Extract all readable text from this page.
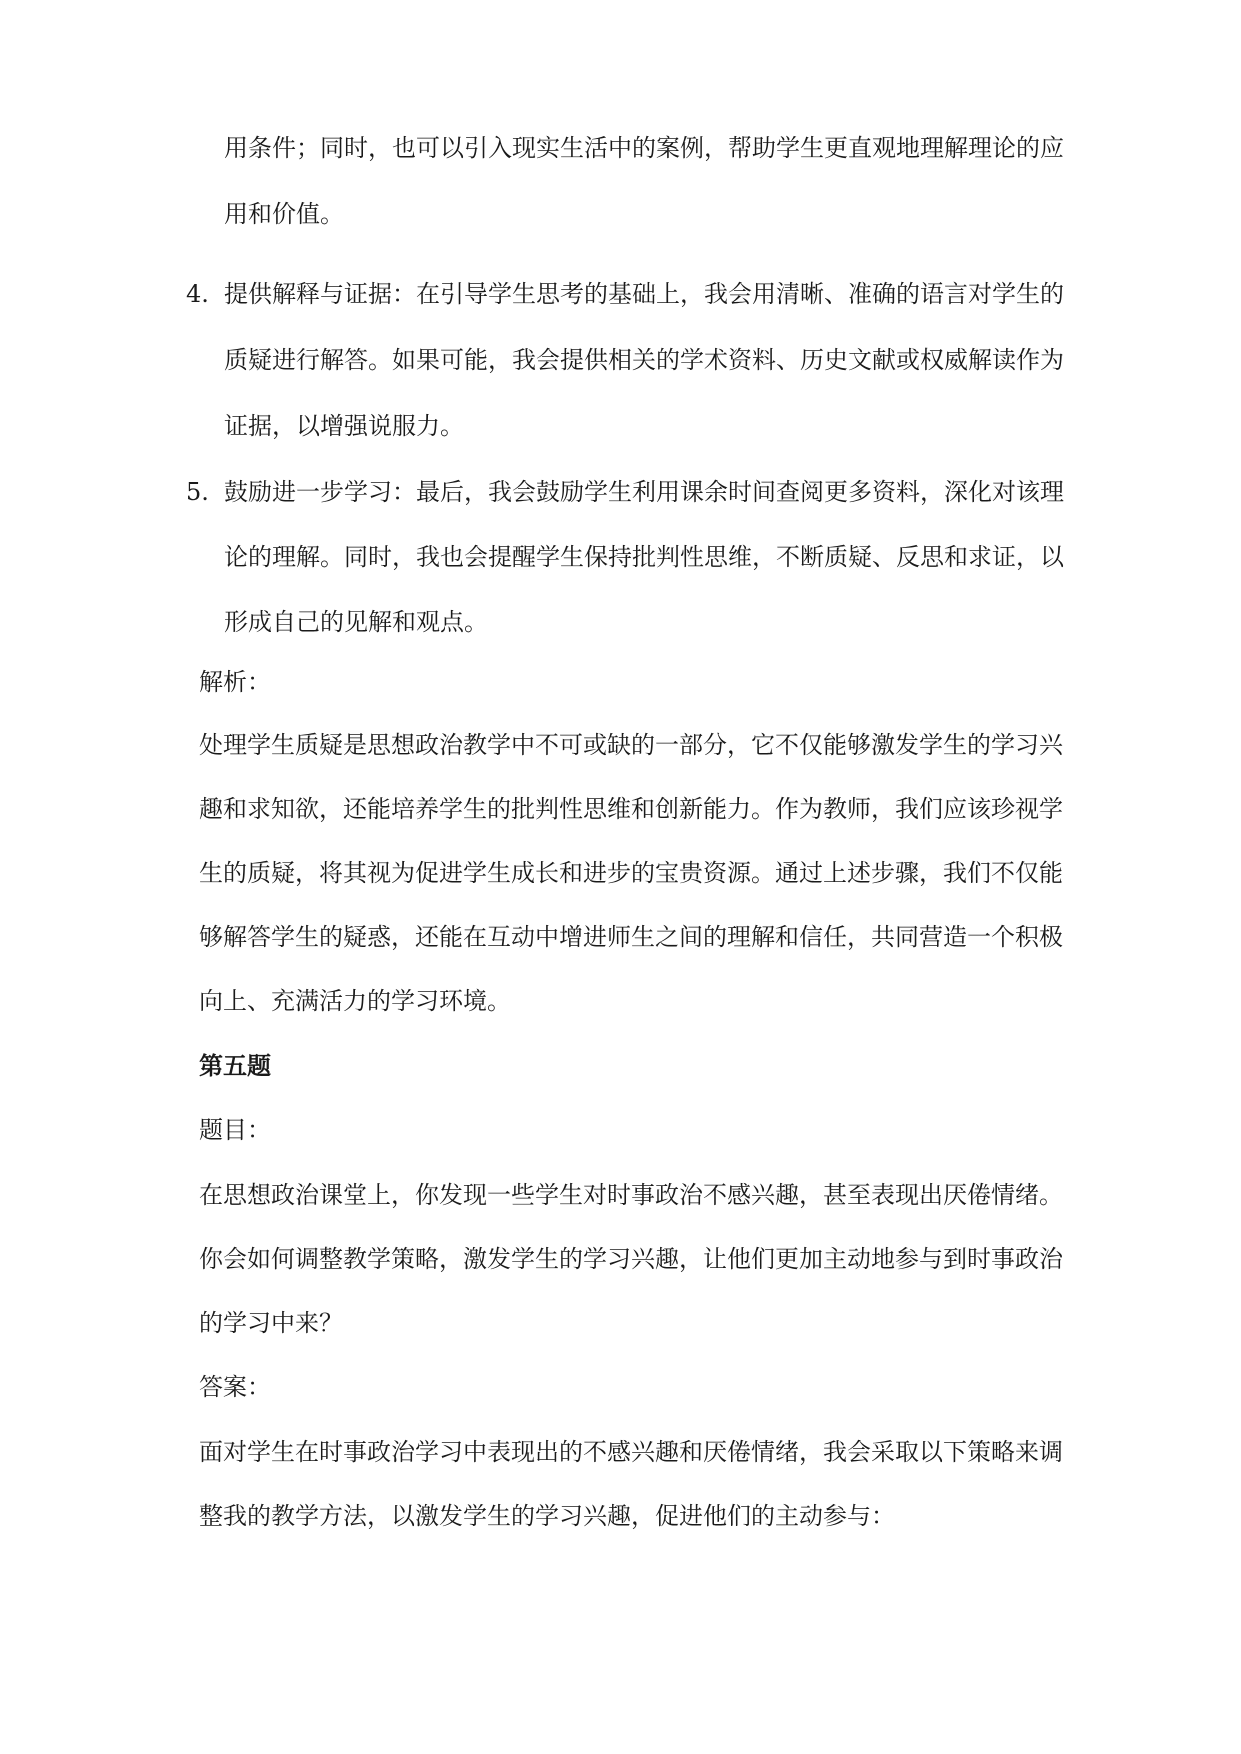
用条件；同时，也可以引入现实生活中的案例，帮助学生更直观地理解理论的应
用和价值。
4. 提供解释与证据：在引导学生思考的基础上，我会用清晰、准确的语言对学生的
质疑进行解答。如果可能，我会提供相关的学术资料、历史文献或权威解读作为
证据，以增强说服力。
5. 鼓励进一步学习：最后，我会鼓励学生利用课余时间查阅更多资料，深化对该理
论的理解。同时，我也会提醒学生保持批判性思维，不断质疑、反思和求证，以
形成自己的见解和观点。
解析：
处理学生质疑是思想政治教学中不可或缺的一部分，它不仅能够激发学生的学习兴
趣和求知欲，还能培养学生的批判性思维和创新能力。作为教师，我们应该珍视学
生的质疑，将其视为促进学生成长和进步的宝贵资源。通过上述步骤，我们不仅能
够解答学生的疑惑，还能在互动中增进师生之间的理解和信任，共同营造一个积极
向上、充满活力的学习环境。
第五题
题目：
在思想政治课堂上，你发现一些学生对时事政治不感兴趣，甚至表现出厌倦情绪。
你会如何调整教学策略，激发学生的学习兴趣，让他们更加主动地参与到时事政治
的学习中来？
答案：
面对学生在时事政治学习中表现出的不感兴趣和厌倦情绪，我会采取以下策略来调
整我的教学方法，以激发学生的学习兴趣，促进他们的主动参与：
